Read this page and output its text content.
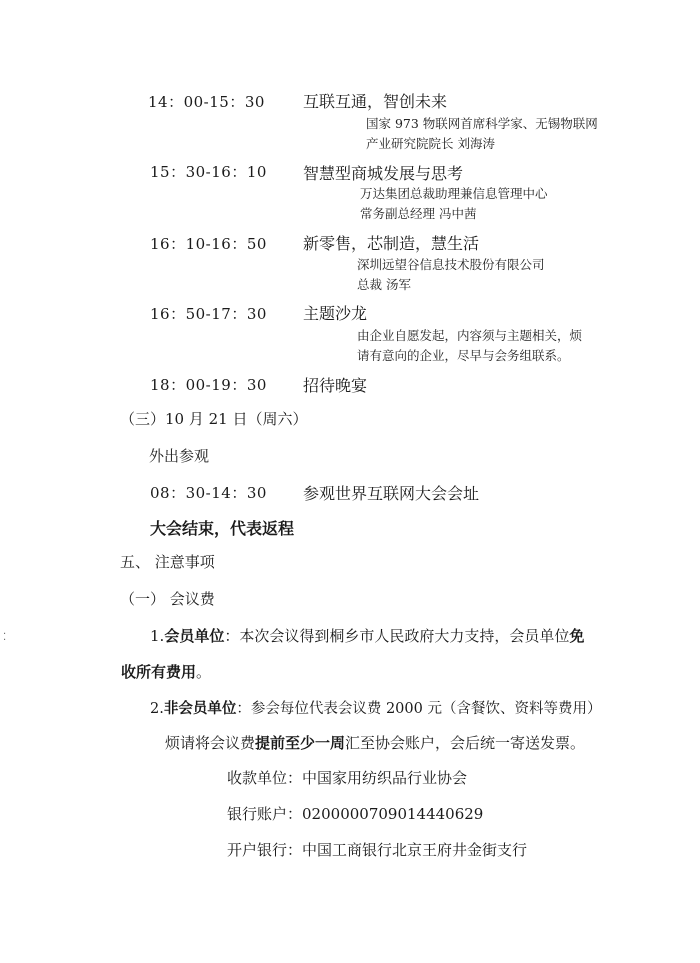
14：00-15：30 互联互通，智创未来
国家 973 物联网首席科学家、无锡物联网
产业研究院院长 刘海涛
15：30-16：10 智慧型商城发展与思考
万达集团总裁助理兼信息管理中心
常务副总经理 冯中茜
16：10-16：50 新零售，芯制造，慧生活
深圳远望谷信息技术股份有限公司
总裁 汤军
16：50-17：30 主题沙龙
由企业自愿发起，内容须与主题相关，烦
请有意向的企业，尽早与会务组联系。
18：00-19：30 招待晚宴
（三）10 月 21 日（周六）
外出参观
08：30-14：30 参观世界互联网大会会址
大会结束，代表返程
五、 注意事项
（一） 会议费
1.会员单位：本次会议得到桐乡市人民政府大力支持，会员单位免
收所有费用。
2.非会员单位：参会每位代表会议费 2000 元（含餐饮、资料等费用）
烦请将会议费提前至少一周汇至协会账户，会后统一寄送发票。
收款单位：中国家用纺织品行业协会
银行账户：0200000709014440629
开户银行：中国工商银行北京王府井金街支行
⁚
